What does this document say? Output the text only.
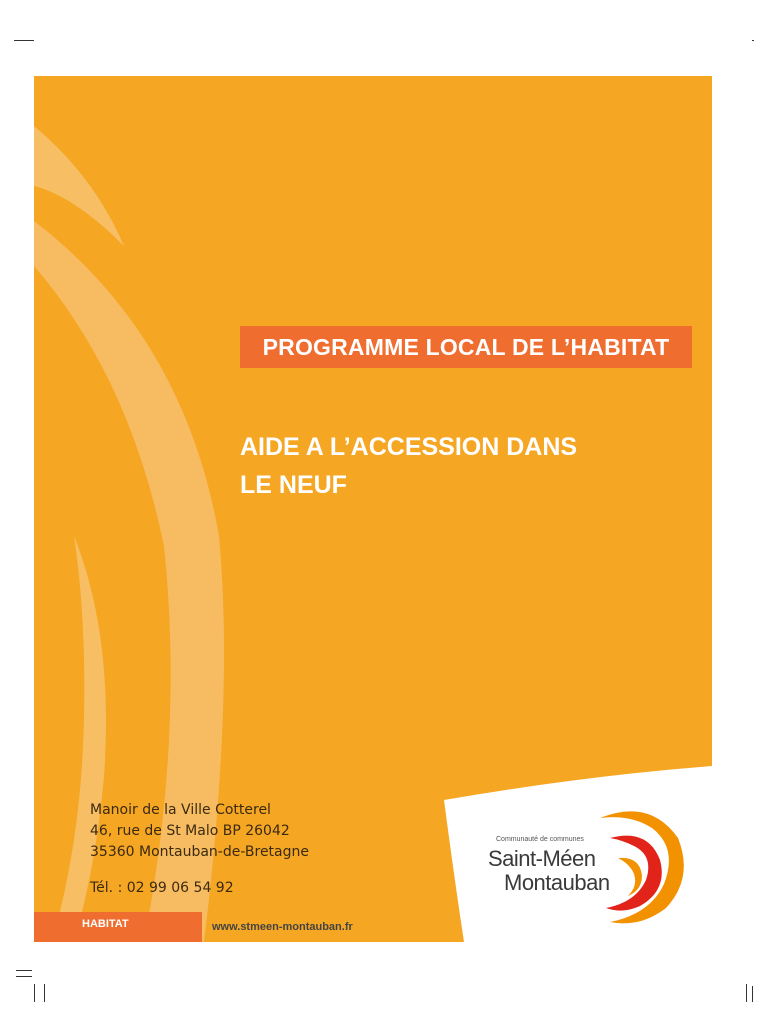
PROGRAMME LOCAL DE L’HABITAT
AIDE A L’ACCESSION DANS
LE NEUF
Manoir de la Ville Cotterel
46, rue de St Malo BP 26042
35360 Montauban-de-Bretagne
Tél. : 02 99 06 54 92
HABITAT
Communauté de communes
Saint-Méen
Montauban
www.stmeen-montauban.fr
